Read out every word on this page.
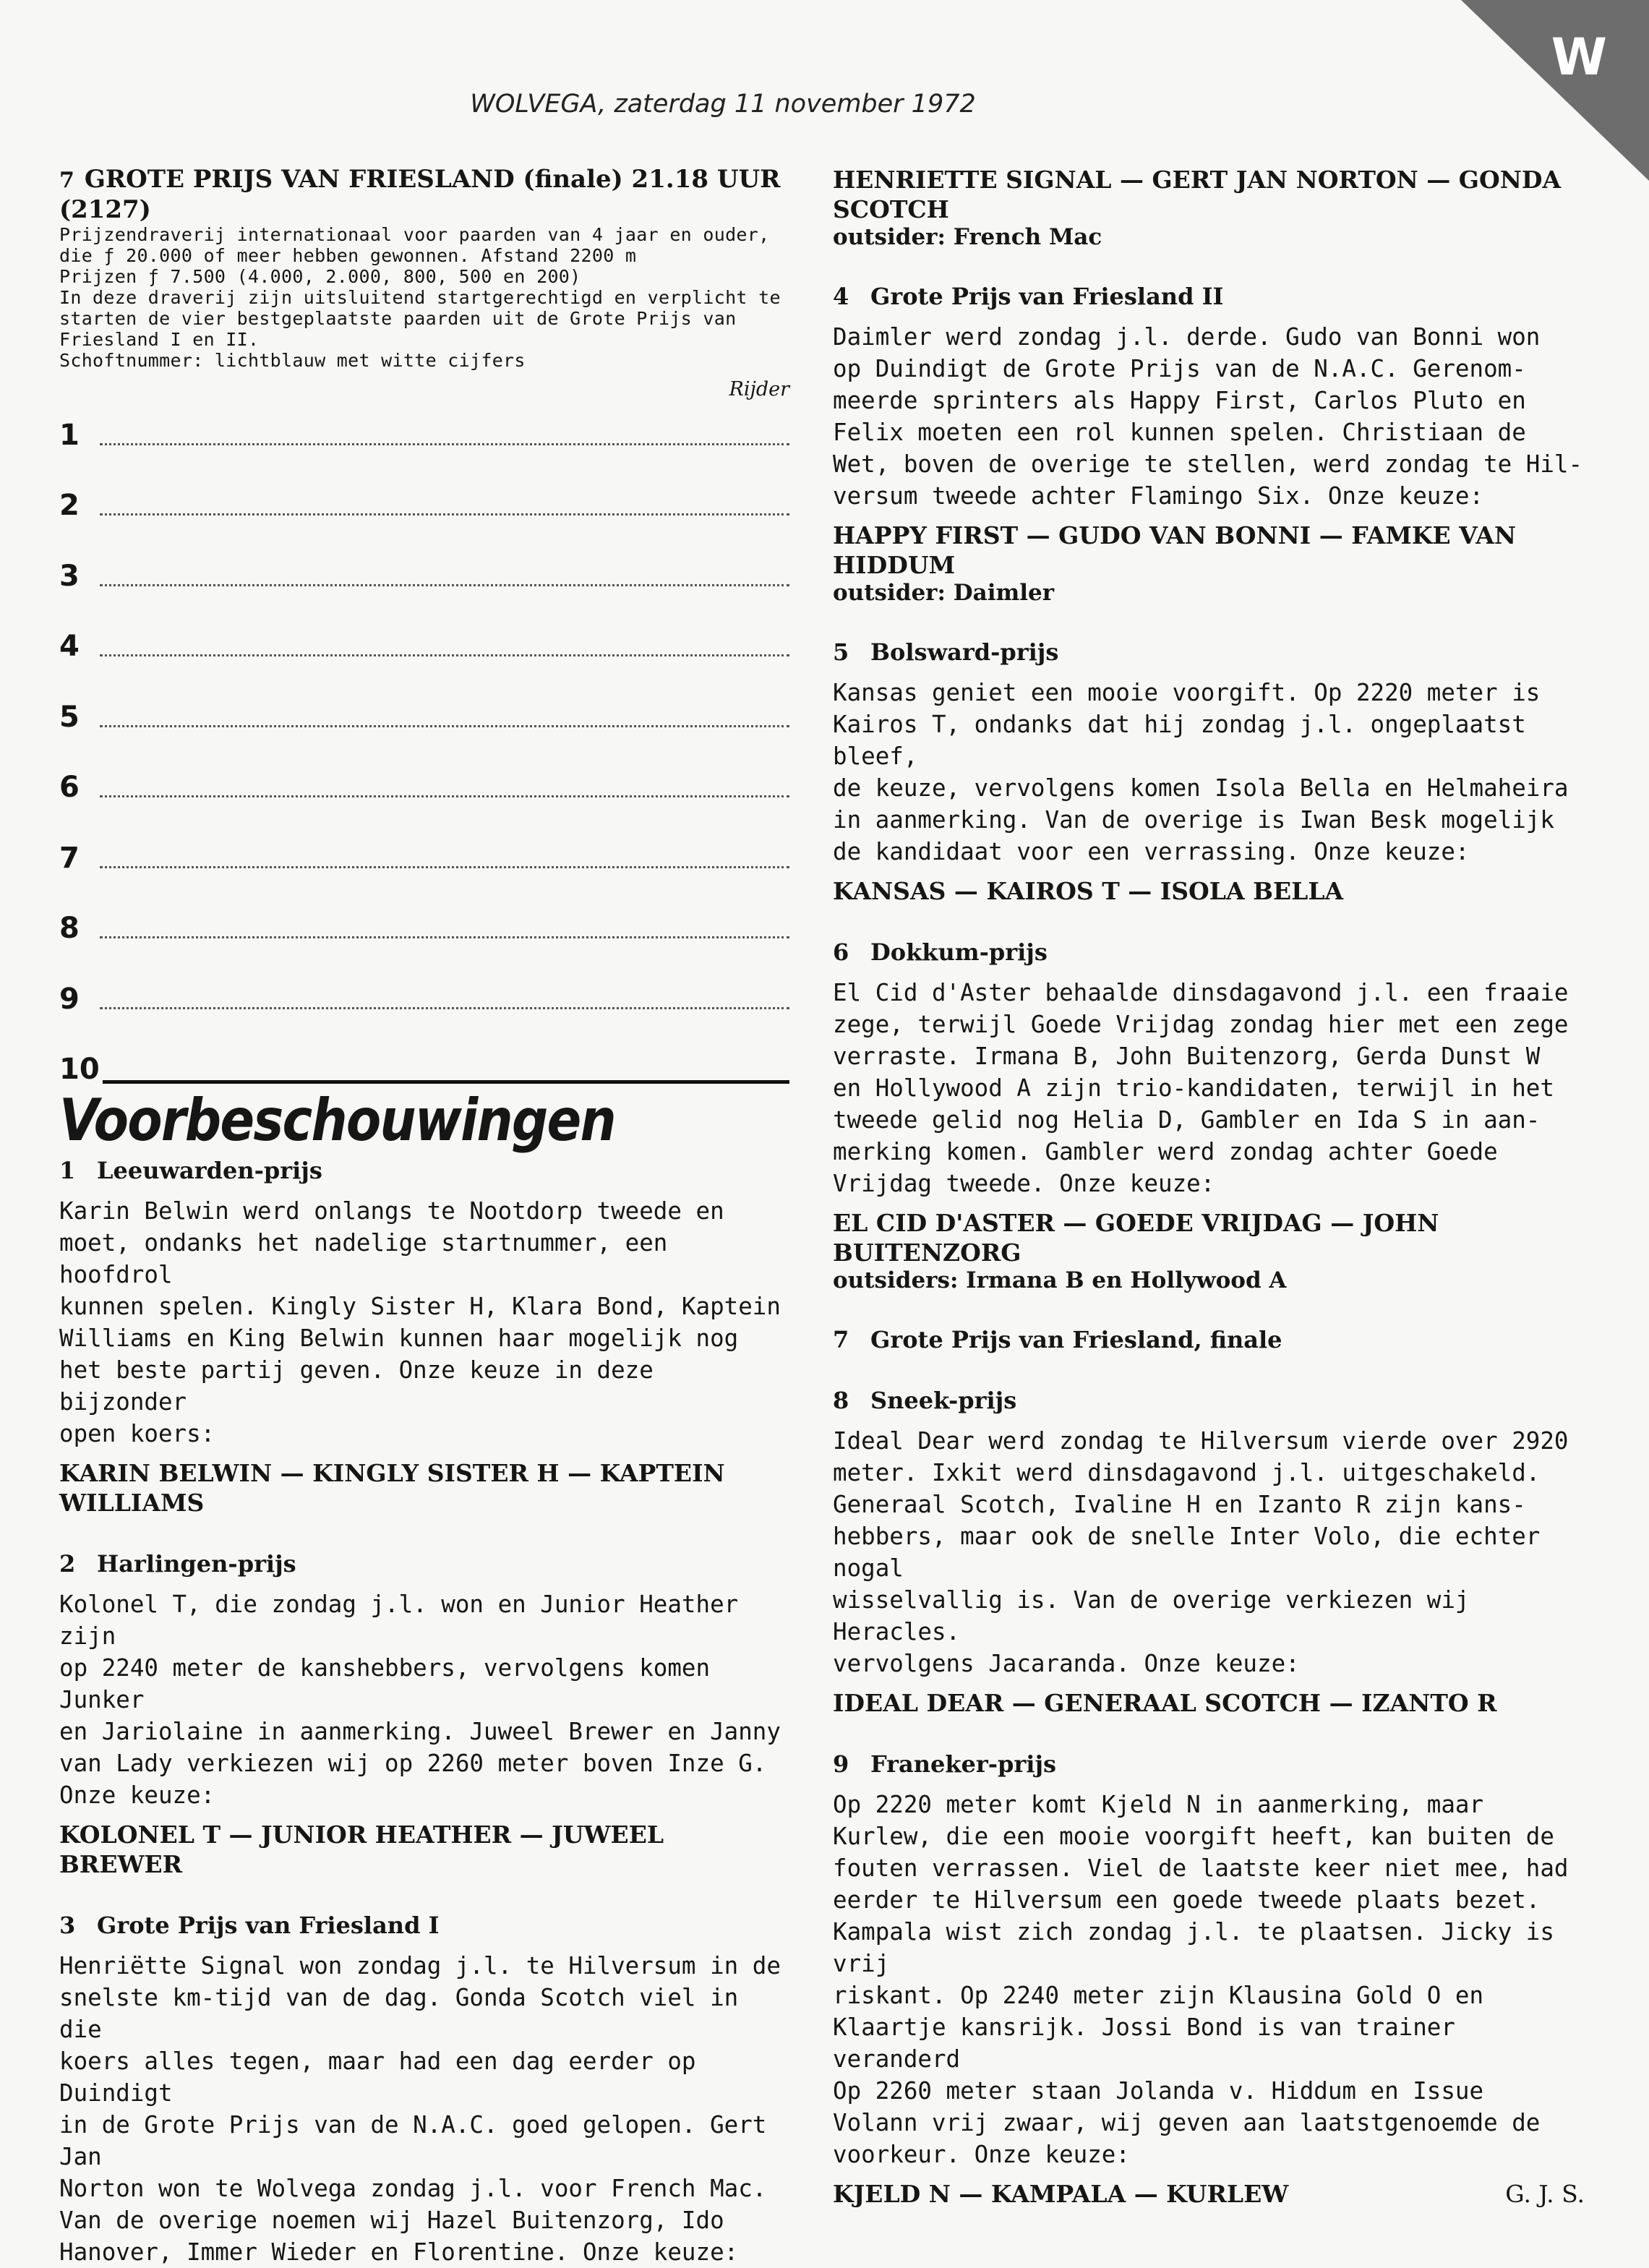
W
WOLVEGA, zaterdag 11 november 1972
7 GROTE PRIJS VAN FRIESLAND (finale) 21.18 UUR (2127)
Prijzendraverij internationaal voor paarden van 4 jaar en ouder, die ƒ 20.000 of meer hebben gewonnen. Afstand 2200 m
Prijzen ƒ 7.500 (4.000, 2.000, 800, 500 en 200)
In deze draverij zijn uitsluitend startgerechtigd en verplicht te starten de vier bestgeplaatste paarden uit de Grote Prijs van Friesland I en II.
Schoftnummer: lichtblauw met witte cijfers
Rijder
1
2
3
4
5
6
7
8
9
10
Voorbeschouwingen
1 Leeuwarden-prijs
Karin Belwin werd onlangs te Nootdorp tweede en
moet, ondanks het nadelige startnummer, een hoofdrol
kunnen spelen. Kingly Sister H, Klara Bond, Kaptein
Williams en King Belwin kunnen haar mogelijk nog
het beste partij geven. Onze keuze in deze bijzonder
open koers:
KARIN BELWIN — KINGLY SISTER H — KAPTEIN WILLIAMS
2 Harlingen-prijs
Kolonel T, die zondag j.l. won en Junior Heather zijn
op 2240 meter de kanshebbers, vervolgens komen Junker
en Jariolaine in aanmerking. Juweel Brewer en Janny
van Lady verkiezen wij op 2260 meter boven Inze G.
Onze keuze:
KOLONEL T — JUNIOR HEATHER — JUWEEL BREWER
3 Grote Prijs van Friesland I
Henriëtte Signal won zondag j.l. te Hilversum in de
snelste km-tijd van de dag. Gonda Scotch viel in die
koers alles tegen, maar had een dag eerder op Duindigt
in de Grote Prijs van de N.A.C. goed gelopen. Gert Jan
Norton won te Wolvega zondag j.l. voor French Mac.
Van de overige noemen wij Hazel Buitenzorg, Ido
Hanover, Immer Wieder en Florentine. Onze keuze:
HENRIETTE SIGNAL — GERT JAN NORTON — GONDA SCOTCH
outsider: French Mac
4 Grote Prijs van Friesland II
Daimler werd zondag j.l. derde. Gudo van Bonni won
op Duindigt de Grote Prijs van de N.A.C. Gerenom-
meerde sprinters als Happy First, Carlos Pluto en
Felix moeten een rol kunnen spelen. Christiaan de
Wet, boven de overige te stellen, werd zondag te Hil-
versum tweede achter Flamingo Six. Onze keuze:
HAPPY FIRST — GUDO VAN BONNI — FAMKE VAN HIDDUM
outsider: Daimler
5 Bolsward-prijs
Kansas geniet een mooie voorgift. Op 2220 meter is
Kairos T, ondanks dat hij zondag j.l. ongeplaatst bleef,
de keuze, vervolgens komen Isola Bella en Helmaheira
in aanmerking. Van de overige is Iwan Besk mogelijk
de kandidaat voor een verrassing. Onze keuze:
KANSAS — KAIROS T — ISOLA BELLA
6 Dokkum-prijs
El Cid d'Aster behaalde dinsdagavond j.l. een fraaie
zege, terwijl Goede Vrijdag zondag hier met een zege
verraste. Irmana B, John Buitenzorg, Gerda Dunst W
en Hollywood A zijn trio-kandidaten, terwijl in het
tweede gelid nog Helia D, Gambler en Ida S in aan-
merking komen. Gambler werd zondag achter Goede
Vrijdag tweede. Onze keuze:
EL CID D'ASTER — GOEDE VRIJDAG — JOHN BUITENZORG
outsiders: Irmana B en Hollywood A
7 Grote Prijs van Friesland, finale
8 Sneek-prijs
Ideal Dear werd zondag te Hilversum vierde over 2920
meter. Ixkit werd dinsdagavond j.l. uitgeschakeld.
Generaal Scotch, Ivaline H en Izanto R zijn kans-
hebbers, maar ook de snelle Inter Volo, die echter nogal
wisselvallig is. Van de overige verkiezen wij Heracles.
vervolgens Jacaranda. Onze keuze:
IDEAL DEAR — GENERAAL SCOTCH — IZANTO R
9 Franeker-prijs
Op 2220 meter komt Kjeld N in aanmerking, maar
Kurlew, die een mooie voorgift heeft, kan buiten de
fouten verrassen. Viel de laatste keer niet mee, had
eerder te Hilversum een goede tweede plaats bezet.
Kampala wist zich zondag j.l. te plaatsen. Jicky is vrij
riskant. Op 2240 meter zijn Klausina Gold O en
Klaartje kansrijk. Jossi Bond is van trainer veranderd
Op 2260 meter staan Jolanda v. Hiddum en Issue
Volann vrij zwaar, wij geven aan laatstgenoemde de
voorkeur. Onze keuze:
KJELD N — KAMPALA — KURLEW	G. J. S.
